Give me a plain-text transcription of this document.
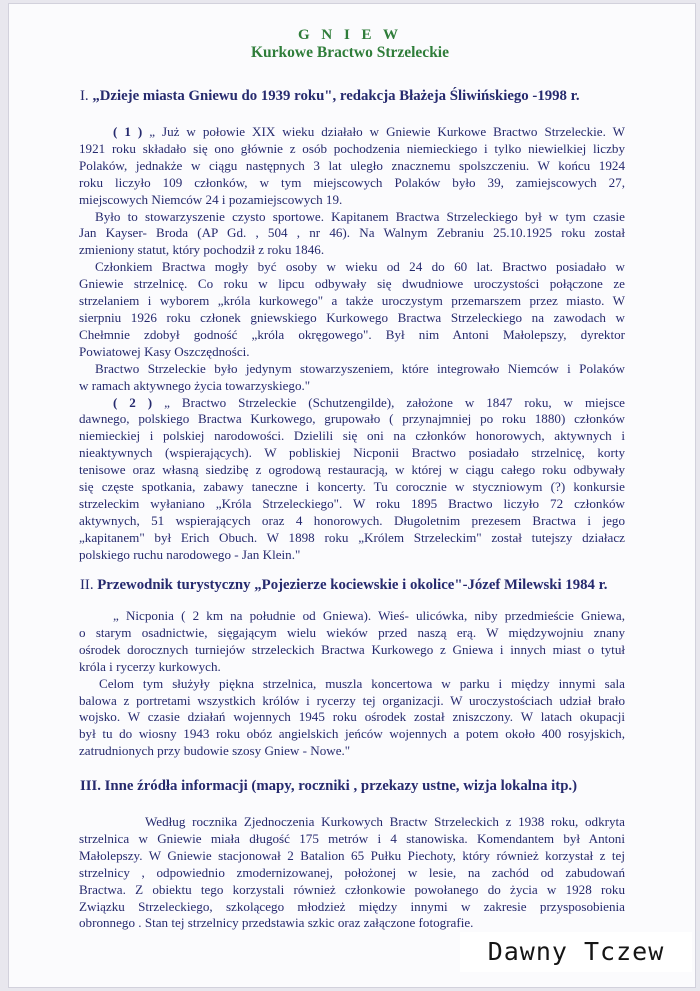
G N I E W
Kurkowe Bractwo Strzeleckie
I. „Dzieje miasta Gniewu do 1939 roku", redakcja Błażeja Śliwińskiego -1998 r.

( 1 ) „ Już w połowie XIX wieku działało w Gniewie Kurkowe Bractwo Strzeleckie. W

1921 roku składało się ono głównie z osób pochodzenia niemieckiego i tylko niewielkiej liczby

Polaków, jednakże w ciągu następnych 3 lat uległo znacznemu spolszczeniu. W końcu 1924

roku liczyło 109 członków, w tym miejscowych Polaków było 39, zamiejscowych 27,

miejscowych Niemców 24 i pozamiejscowych 19.

Było to stowarzyszenie czysto sportowe. Kapitanem Bractwa Strzeleckiego był w tym czasie

Jan Kayser- Broda (AP Gd. , 504 , nr 46). Na Walnym Zebraniu 25.10.1925 roku został

zmieniony statut, który pochodził z roku 1846.

Członkiem Bractwa mogły być osoby w wieku od 24 do 60 lat. Bractwo posiadało w

Gniewie strzelnicę. Co roku w lipcu odbywały się dwudniowe uroczystości połączone ze

strzelaniem i wyborem „króla kurkowego" a także uroczystym przemarszem przez miasto. W

sierpniu 1926 roku członek gniewskiego Kurkowego Bractwa Strzeleckiego na zawodach w

Chełmnie zdobył godność „króla okręgowego". Był nim Antoni Małolepszy, dyrektor

Powiatowej Kasy Oszczędności.

Bractwo Strzeleckie było jedynym stowarzyszeniem, które integrowało Niemców i Polaków

w ramach aktywnego życia towarzyskiego."

( 2 ) „ Bractwo Strzeleckie (Schutzengilde), założone w 1847 roku, w miejsce

dawnego, polskiego Bractwa Kurkowego, grupowało ( przynajmniej po roku 1880) członków

niemieckiej i polskiej narodowości. Dzielili się oni na członków honorowych, aktywnych i

nieaktywnych (wspierających). W pobliskiej Nicponii Bractwo posiadało strzelnicę, korty

tenisowe oraz własną siedzibę z ogrodową restauracją, w której w ciągu całego roku odbywały

się częste spotkania, zabawy taneczne i koncerty. Tu corocznie w styczniowym (?) konkursie

strzeleckim wyłaniano „Króla Strzeleckiego". W roku 1895 Bractwo liczyło 72 członków

aktywnych, 51 wspierających oraz 4 honorowych. Długoletnim prezesem Bractwa i jego

„kapitanem" był Erich Obuch. W 1898 roku „Królem Strzeleckim" został tutejszy działacz

polskiego ruchu narodowego - Jan Klein."

II. Przewodnik turystyczny „Pojezierze kociewskie i okolice"-Józef Milewski 1984 r.

„ Nicponia ( 2 km na południe od Gniewa). Wieś- ulicówka, niby przedmieście Gniewa,

o starym osadnictwie, sięgającym wielu wieków przed naszą erą. W międzywojniu znany

ośrodek dorocznych turniejów strzeleckich Bractwa Kurkowego z Gniewa i innych miast o tytuł

króla i rycerzy kurkowych.

Celom tym służyły piękna strzelnica, muszla koncertowa w parku i między innymi sala

balowa z portretami wszystkich królów i rycerzy tej organizacji. W uroczystościach udział brało

wojsko. W czasie działań wojennych 1945 roku ośrodek został zniszczony. W latach okupacji

był tu do wiosny 1943 roku obóz angielskich jeńców wojennych a potem około 400 rosyjskich,

zatrudnionych przy budowie szosy Gniew - Nowe."

III. Inne źródła informacji (mapy, roczniki , przekazy ustne, wizja lokalna itp.)

Według rocznika Zjednoczenia Kurkowych Bractw Strzeleckich z 1938 roku, odkryta

strzelnica w Gniewie miała długość 175 metrów i 4 stanowiska. Komendantem był Antoni

Małolepszy. W Gniewie stacjonował 2 Batalion 65 Pułku Piechoty, który również korzystał z tej

strzelnicy , odpowiednio zmodernizowanej, położonej w lesie, na zachód od zabudowań

Bractwa. Z obiektu tego korzystali również członkowie powołanego do życia w 1928 roku

Związku Strzeleckiego, szkolącego młodzież między innymi w zakresie przysposobienia

obronnego . Stan tej strzelnicy przedstawia szkic oraz załączone fotografie.

Dawny Tczew
